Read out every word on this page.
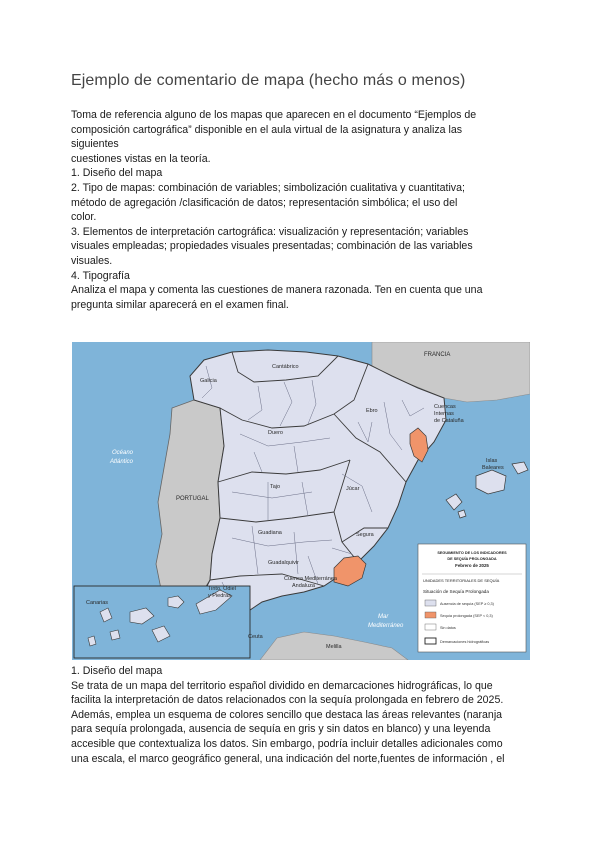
Ejemplo de comentario de mapa (hecho más o menos)

Toma de referencia alguno de los mapas que aparecen en el documento “Ejemplos de
composición cartográfica” disponible en el aula virtual de la asignatura y analiza las
siguientes
cuestiones vistas en la teoría.
1. Diseño del mapa
2. Tipo de mapas: combinación de variables; simbolización cualitativa y cuantitativa;
método de agregación /clasificación de datos; representación simbólica; el uso del
color.
3. Elementos de interpretación cartográfica: visualización y representación; variables
visuales empleadas; propiedades visuales presentadas; combinación de las variables
visuales.
4. Tipografía
Analiza el mapa y comenta las cuestiones de manera razonada. Ten en cuenta que una
pregunta similar aparecerá en el examen final.

Océano
Atlántico
Mar
Mediterráneo
PORTUGAL
FRANCIA
Cantábrico
Galicia
Ebro
Cuencas
Internas
de Cataluña
Islas
Baleares
Canarias
Duero
Tajo
Guadiana
Guadalquivir
Júcar
Segura
Tinto, Odiel
y Piedras
Cuenca Mediterránea
Andaluza
Ceuta
Melilla
SEGUIMIENTO DE LOS INDICADORES
DE SEQUÍA PROLONGADA
Febrero de 2025
UNIDADES TERRITORIALES DE SEQUÍA
Situación de Sequía Prolongada
Ausencia de sequía (SEP ≥ 0,3)
Sequía prolongada (SEP < 0,3)
Sin datos
Demarcaciones hidrográficas

1. Diseño del mapa
Se trata de un mapa del territorio español dividido en demarcaciones hidrográficas, lo que
facilita la interpretación de datos relacionados con la sequía prolongada en febrero de 2025.
Además, emplea un esquema de colores sencillo que destaca las áreas relevantes (naranja
para sequía prolongada, ausencia de sequía en gris y sin datos en blanco) y una leyenda
accesible que contextualiza los datos. Sin embargo, podría incluir detalles adicionales como
una escala, el marco geográfico general, una indicación del norte,fuentes de información , el
